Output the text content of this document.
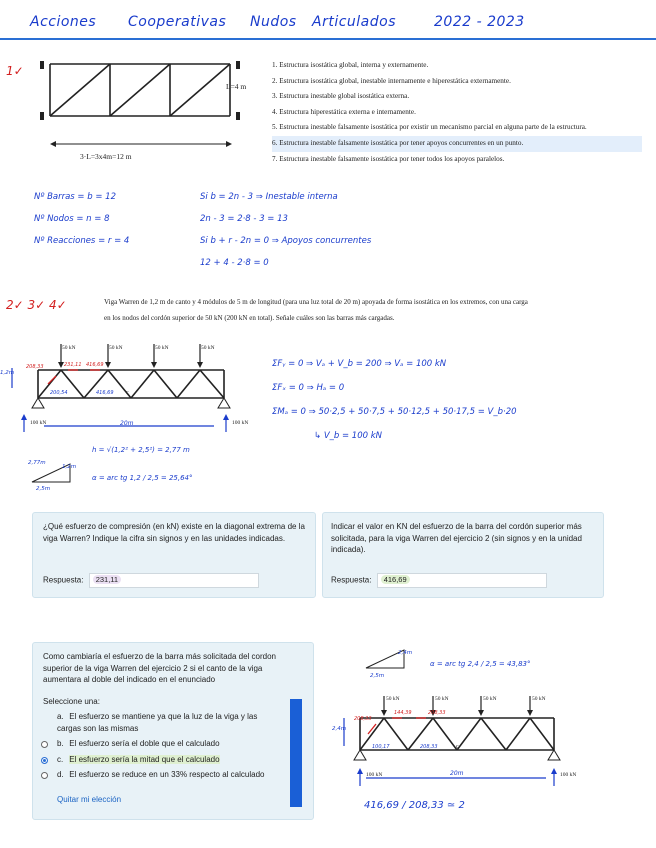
Acciones Cooperativas Nudos Articulados	2022 - 2023
1✓
L=4 m
3·L=3x4m=12 m
1. Estructura isostática global, interna y externamente.
2. Estructura isostática global, inestable internamente e hiperestática externamente.
3. Estructura inestable global isostática externa.
4. Estructura hiperestática externa e internamente.
5. Estructura inestable falsamente isostática por existir un mecanismo parcial en alguna parte de la estructura.
6. Estructura inestable falsamente isostática por tener apoyos concurrentes en un punto.
7. Estructura inestable falsamente isostática por tener todos los apoyos paralelos.
Nº Barras = b = 12
Nº Nodos = n = 8
Nº Reacciones = r = 4
Si b = 2n - 3 ⇒ Inestable interna
2n - 3 = 2·8 - 3 = 13
Si b + r - 2n = 0 ⇒ Apoyos concurrentes
12 + 4 - 2·8 = 0
2✓ 3✓ 4✓	Viga Warren de 1,2 m de canto y 4 módulos de 5 m de longitud (para una luz total de 20 m) apoyada de forma isostática en los extremos, con una carga
en los nodos del cordón superior de 50 kN (200 kN en total). Señale cuáles son las barras más cargadas.
50 kN	50 kN	50 kN	50 kN
208,33	231,11 416,69
200,54	416,69 c
1,2m
100 kN	100 kN
20m
ΣFᵧ = 0 ⇒ Vₐ + V_b = 200 ⇒ Vₐ = 100 kN
ΣFₓ = 0 ⇒ Hₐ = 0
ΣMₐ = 0 ⇒ 50·2,5 + 50·7,5 + 50·12,5 + 50·17,5 = V_b·20
↳ V_b = 100 kN
h = √(1,2² + 2,5²) = 2,77 m
2,77m
1,2m
2,5m
α = arc tg 1,2 / 2,5 = 25,64°

¿Qué esfuerzo de compresión (en kN) existe en la diagonal extrema de la viga Warren? Indique la cifra sin signos y en las unidades indicadas.

Respuesta:	231,11

Indicar el valor en KN del esfuerzo de la barra del cordón superior más solicitada, para la viga Warren del ejercicio 2 (sin signos y en la unidad indicada).

Respuesta:	416,69

Como cambiaría el esfuerzo de la barra más solicitada del cordon superior de la viga Warren del ejercicio 2 si el canto de la viga aumentara al doble del indicado en el enunciado

Seleccione una:
a. El esfuerzo se mantiene ya que la luz de la viga y las cargas son las mismas
b. El esfuerzo sería el doble que el calculado
c. El esfuerzo sería la mitad que el calculado
d. El esfuerzo se reduce en un 33% respecto al calculado
Quitar mi elección
2,4m
2,5m
α = arc tg 2,4 / 2,5 = 43,83°
50 kN	50 kN	50 kN	50 kN
208,33
144,39	208,33
100,17	208,33	c
2,4m
100 kN	100 kN
20m
416,69 / 208,33 ≃ 2
